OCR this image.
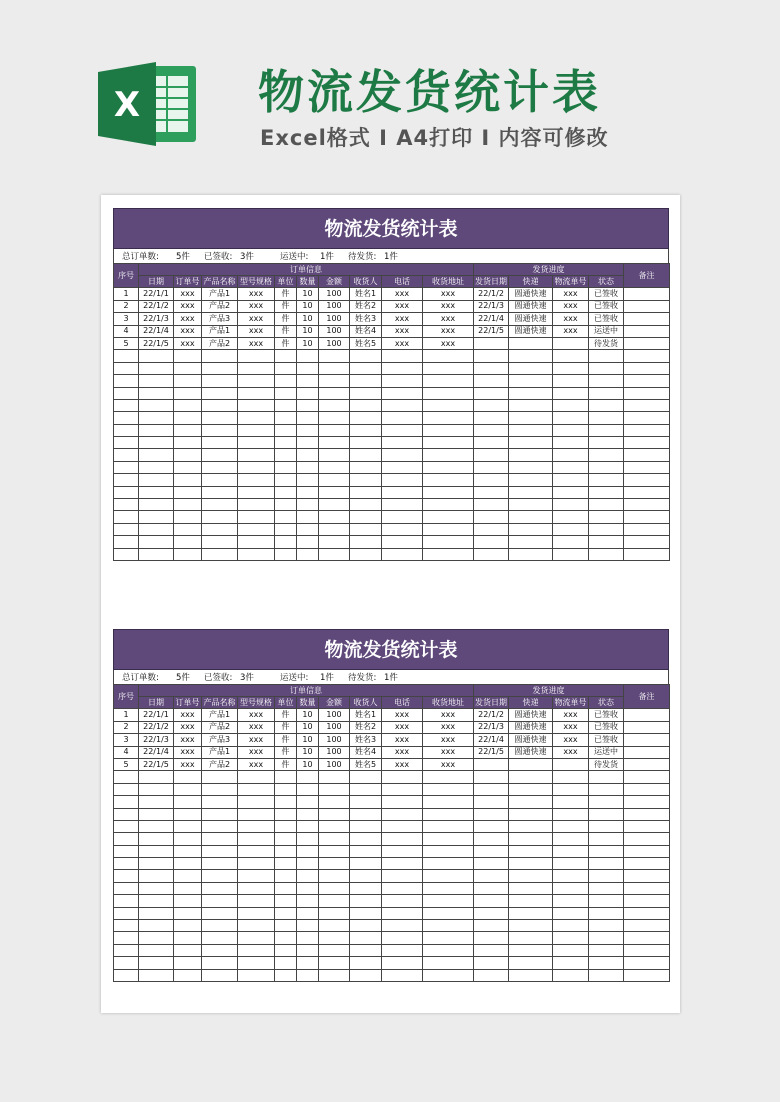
X	物流发货统计表
Excel格式 I A4打印 I 内容可修改
物流发货统计表
总订单数: 5件 已签收: 3件	运送中: 1件 待发货: 1件
序号	订单信息										发货进度				备注
	日期	订单号	产品名称	型号规格	单位	数量	金额	收货人	电话	收货地址	发货日期	快递	物流单号	状态	
1	22/1/1	xxx	产品1	xxx	件	10	100	姓名1	xxx	xxx	22/1/2	圆通快速	xxx	已签收	
2	22/1/2	xxx	产品2	xxx	件	10	100	姓名2	xxx	xxx	22/1/3	圆通快速	xxx	已签收	
3	22/1/3	xxx	产品3	xxx	件	10	100	姓名3	xxx	xxx	22/1/4	圆通快速	xxx	已签收	
4	22/1/4	xxx	产品1	xxx	件	10	100	姓名4	xxx	xxx	22/1/5	圆通快速	xxx	运送中	
5	22/1/5	xxx	产品2	xxx	件	10	100	姓名5	xxx	xxx				待发货	

物流发货统计表
总订单数: 5件 已签收: 3件	运送中: 1件 待发货: 1件
序号	订单信息										发货进度				备注
	日期	订单号	产品名称	型号规格	单位	数量	金额	收货人	电话	收货地址	发货日期	快递	物流单号	状态	
1	22/1/1	xxx	产品1	xxx	件	10	100	姓名1	xxx	xxx	22/1/2	圆通快速	xxx	已签收	
2	22/1/2	xxx	产品2	xxx	件	10	100	姓名2	xxx	xxx	22/1/3	圆通快速	xxx	已签收	
3	22/1/3	xxx	产品3	xxx	件	10	100	姓名3	xxx	xxx	22/1/4	圆通快速	xxx	已签收	
4	22/1/4	xxx	产品1	xxx	件	10	100	姓名4	xxx	xxx	22/1/5	圆通快速	xxx	运送中	
5	22/1/5	xxx	产品2	xxx	件	10	100	姓名5	xxx	xxx				待发货	
